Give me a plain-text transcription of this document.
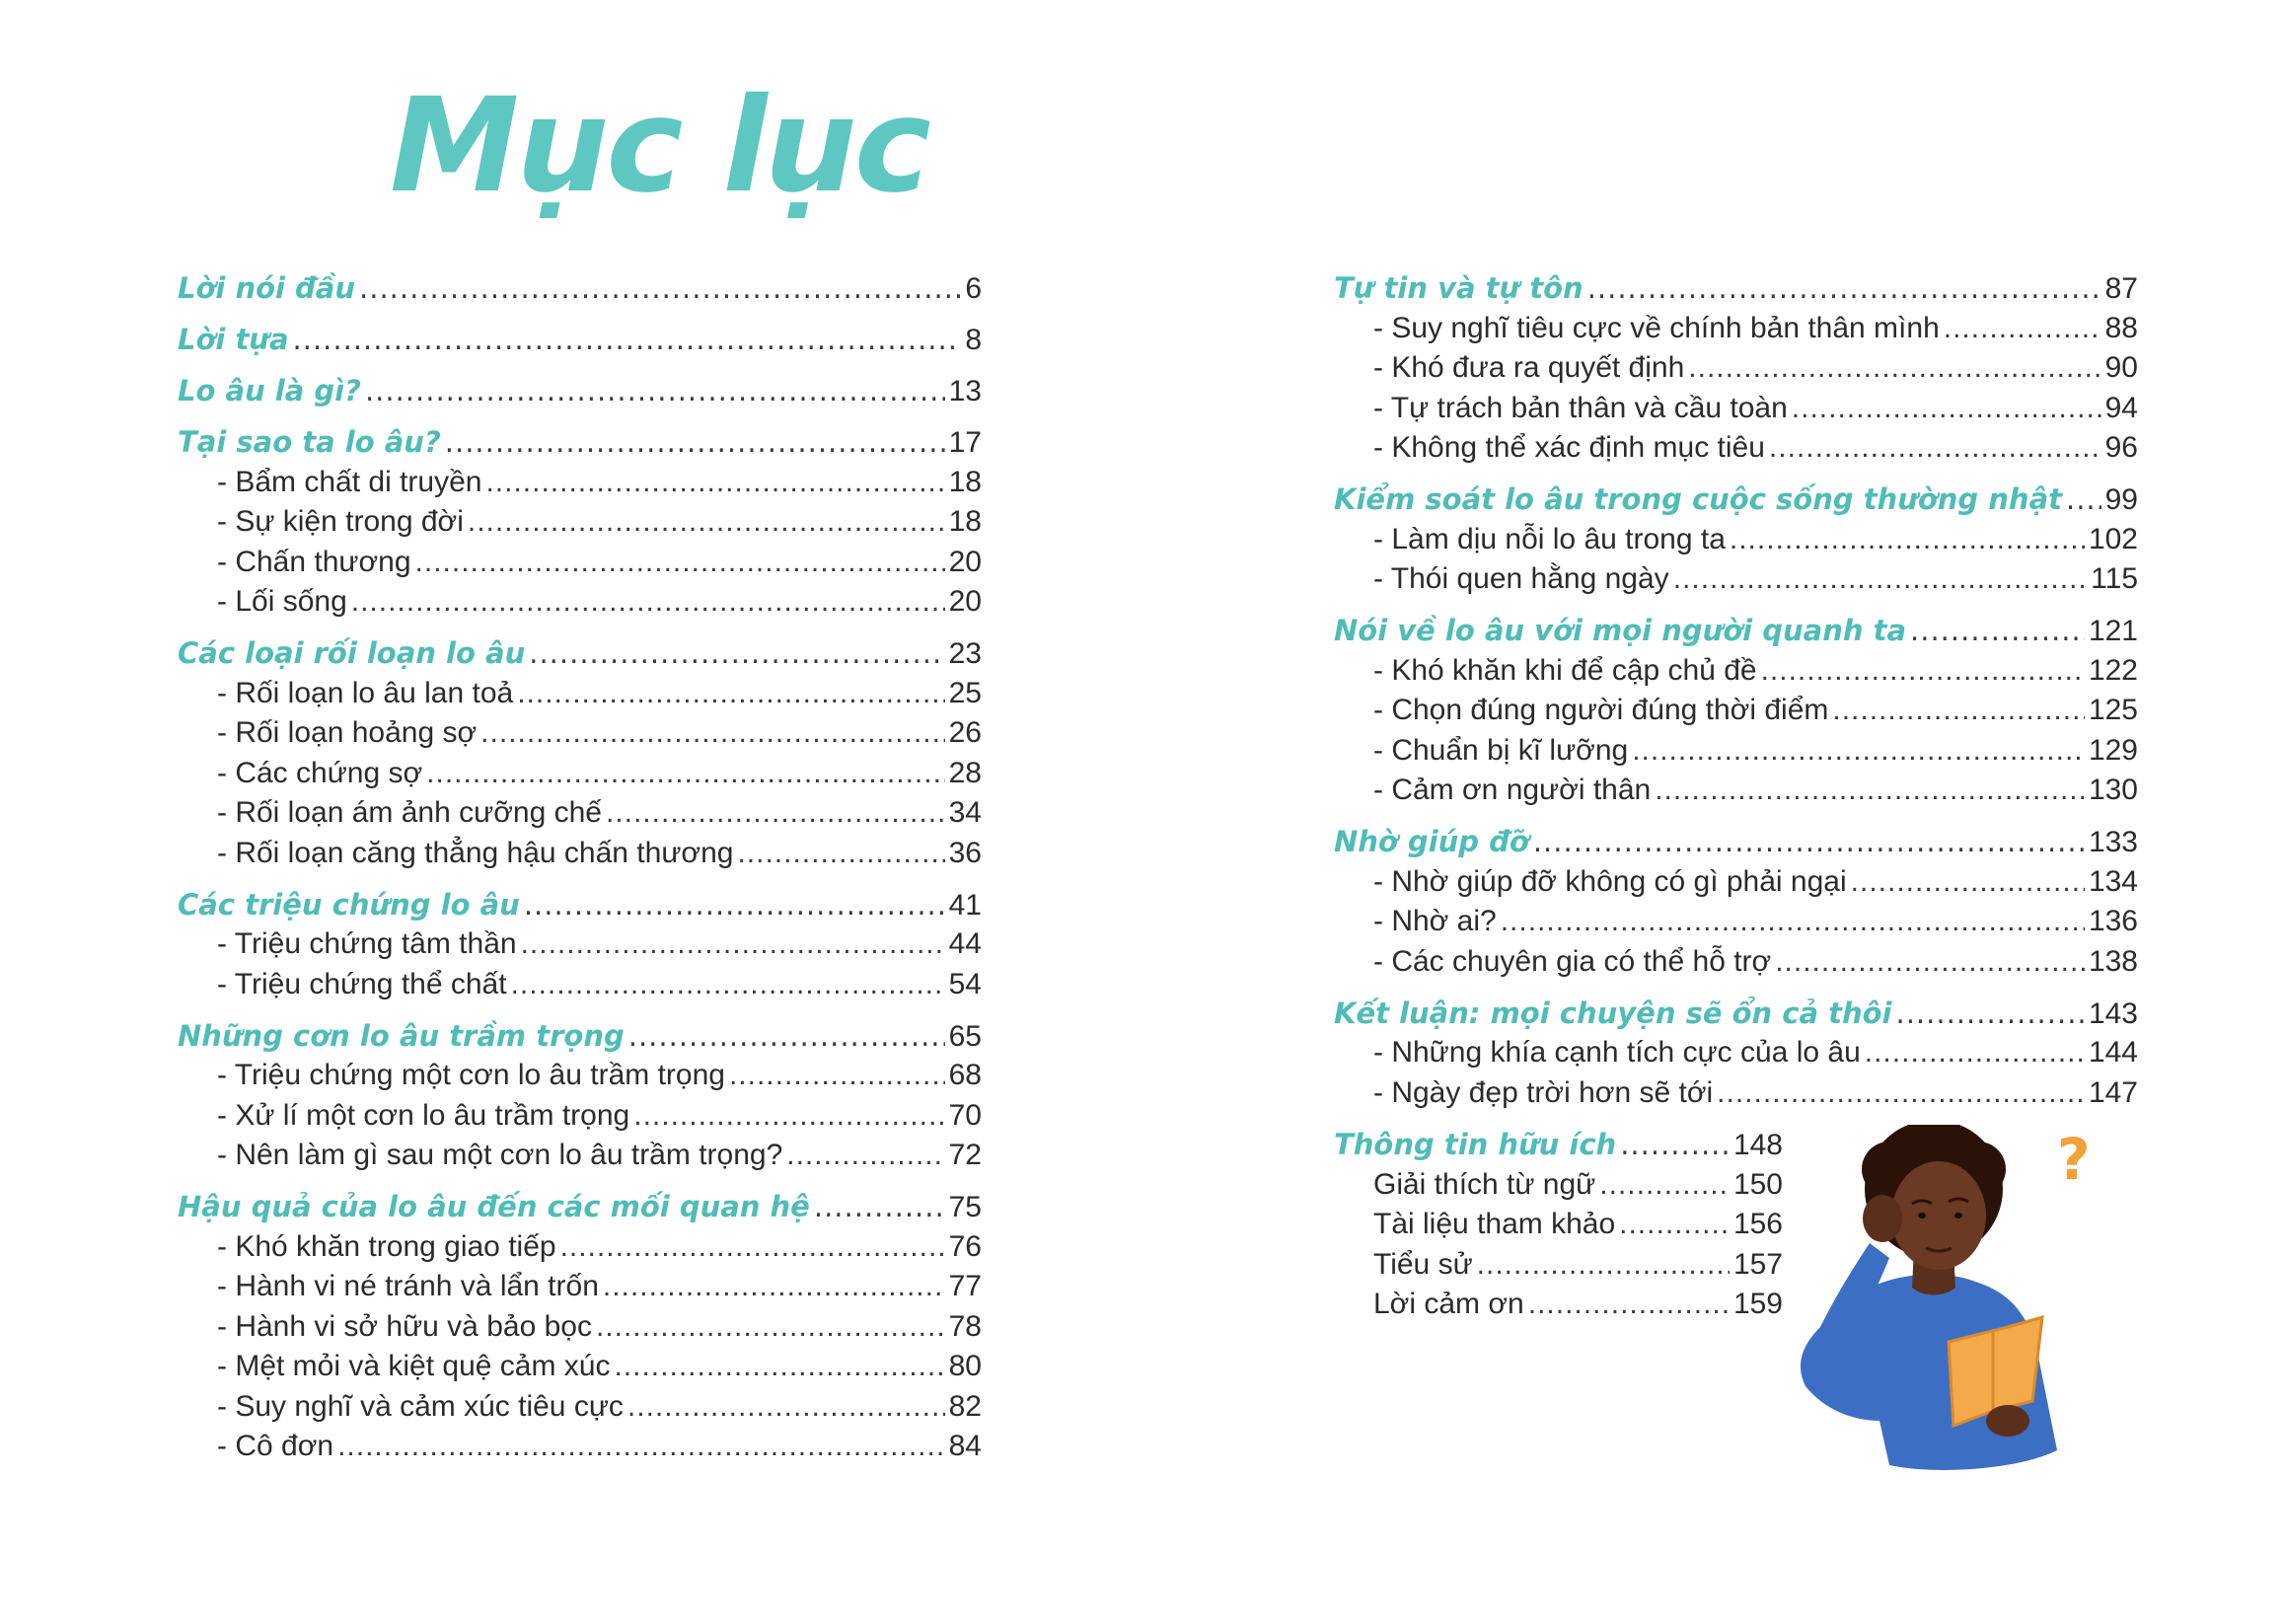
Mục lục
Lời nói đầu .....	6
Lời tựa .....	8
Lo âu là gì? .....	13
Tại sao ta lo âu? .....	17
- Bẩm chất di truyền .....	18
- Sự kiện trong đời .....	18
- Chấn thương .....	20
- Lối sống .....	20
Các loại rối loạn lo âu .....	23
- Rối loạn lo âu lan toả .....	25
- Rối loạn hoảng sợ .....	26
- Các chứng sợ .....	28
- Rối loạn ám ảnh cưỡng chế .....	34
- Rối loạn căng thẳng hậu chấn thương .....	36
Các triệu chứng lo âu .....	41
- Triệu chứng tâm thần .....	44
- Triệu chứng thể chất .....	54
Những cơn lo âu trầm trọng .....	65
- Triệu chứng một cơn lo âu trầm trọng .....	68
- Xử lí một cơn lo âu trầm trọng .....	70
- Nên làm gì sau một cơn lo âu trầm trọng? .....	72
Hậu quả của lo âu đến các mối quan hệ .....	75
- Khó khăn trong giao tiếp .....	76
- Hành vi né tránh và lẩn trốn .....	77
- Hành vi sở hữu và bảo bọc .....	78
- Mệt mỏi và kiệt quệ cảm xúc .....	80
- Suy nghĩ và cảm xúc tiêu cực .....	82
- Cô đơn .....	84
Tự tin và tự tôn .....	87
- Suy nghĩ tiêu cực về chính bản thân mình .....	88
- Khó đưa ra quyết định .....	90
- Tự trách bản thân và cầu toàn .....	94
- Không thể xác định mục tiêu .....	96
Kiểm soát lo âu trong cuộc sống thường nhật ..... 99
- Làm dịu nỗi lo âu trong ta .....	102
- Thói quen hằng ngày .....	115
Nói về lo âu với mọi người quanh ta .....	121
- Khó khăn khi để cập chủ đề .....	122
- Chọn đúng người đúng thời điểm .....	125
- Chuẩn bị kĩ lưỡng .....	129
- Cảm ơn người thân .....	130
Nhờ giúp đỡ .....	133
- Nhờ giúp đỡ không có gì phải ngại .....	134
- Nhờ ai? .....	136
- Các chuyên gia có thể hỗ trợ .....	138
Kết luận: mọi chuyện sẽ ổn cả thôi .....	143
- Những khía cạnh tích cực của lo âu .....	144
- Ngày đẹp trời hơn sẽ tới .....	147
Thông tin hữu ích .....	148
Giải thích từ ngữ .....	150
Tài liệu tham khảo .....	156
Tiểu sử .....	157
Lời cảm ơn .....	159
?
